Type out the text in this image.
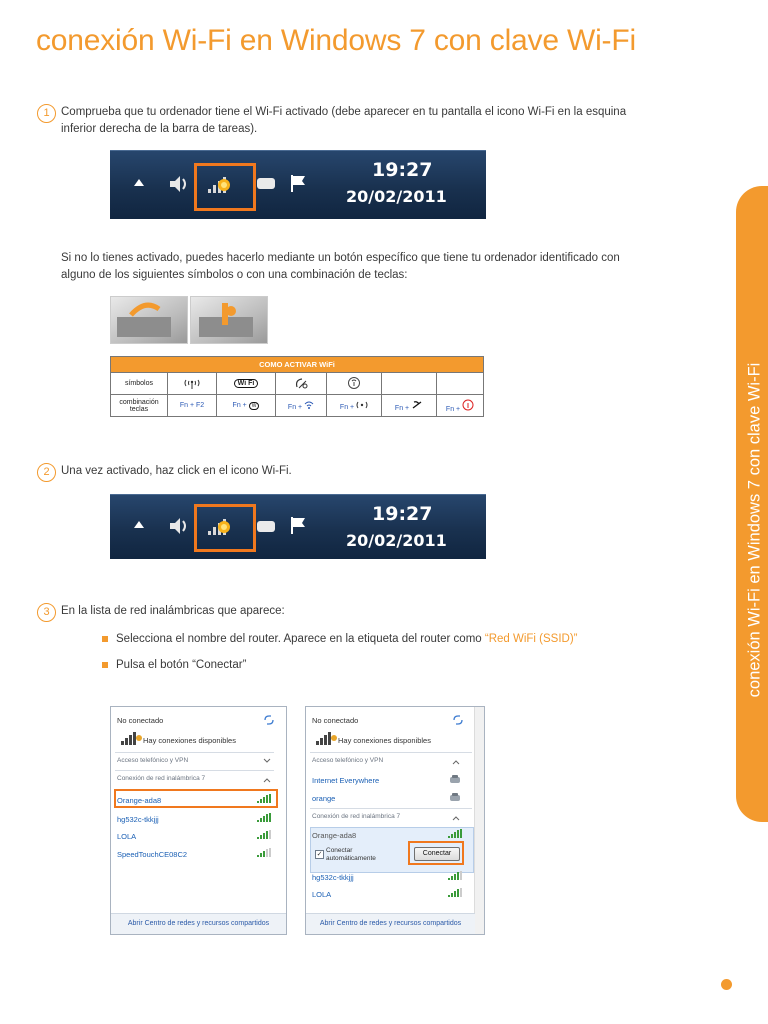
conexión Wi-Fi en Windows 7 con clave Wi-Fi
conexión Wi-Fi en Windows 7 con clave Wi-Fi
1 Comprueba que tu ordenador tiene el Wi-Fi activado (debe aparecer en tu pantalla el icono Wi-Fi en la esquina inferior derecha de la barra de tareas).
19:27
20/02/2011
Si no lo tienes activado, puedes hacerlo mediante un botón específico que tiene tu ordenador identificado con alguno de los siguientes símbolos o con una combinación de teclas:
COMO ACTIVAR WiFi						
símbolos		Wi Fi				
combinación teclas	Fn + F2	Fn + W	Fn +	Fn +	Fn +	Fn +
2 Una vez activado, haz click en el icono Wi-Fi.
19:27
20/02/2011
3 En la lista de red inalámbricas que aparece:
Selecciona el nombre del router. Aparece en la etiqueta del router como “Red WiFi (SSID)”
Pulsa el botón “Conectar”
No conectado
Hay conexiones disponibles
Acceso telefónico y VPN
Conexión de red inalámbrica 7
Orange-ada8
hg532c-tkkjjj
LOLA
SpeedTouchCE08C2
Abrir Centro de redes y recursos compartidos
No conectado
Hay conexiones disponibles
Acceso telefónico y VPN
Internet Everywhere
orange
Conexión de red inalámbrica 7
Orange-ada8
✓
Conectar automáticamente
Conectar
hg532c-tkkjjj
LOLA
Abrir Centro de redes y recursos compartidos
